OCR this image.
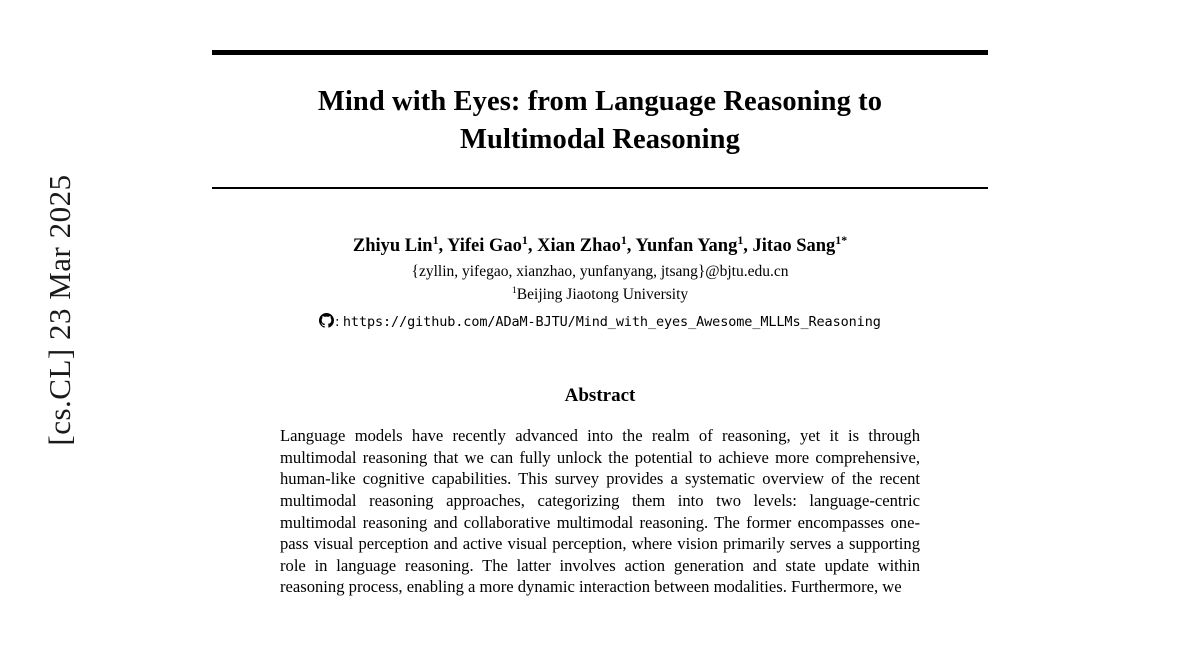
[cs.CL] 23 Mar 2025
Mind with Eyes: from Language Reasoning to
Multimodal Reasoning
Zhiyu Lin$^1$, Yifei Gao$^1$, Xian Zhao$^1$, Yunfan Yang$^1$, Jitao Sang$^{1*}$
{zyllin, yifegao, xianzhao, yunfanyang, jtsang}@bjtu.edu.cn
$^1$Beijing Jiaotong University
: https://github.com/ADaM-BJTU/Mind_with_eyes_Awesome_MLLMs_Reasoning
Abstract

Language models have recently advanced into the realm of reasoning, yet it is through multimodal reasoning that we can fully unlock the potential to achieve more comprehensive, human-like cognitive capabilities. This survey provides a systematic overview of the recent multimodal reasoning approaches, categorizing them into two levels: language-centric multimodal reasoning and collaborative multimodal reasoning. The former encompasses one-pass visual perception and active visual perception, where vision primarily serves a supporting role in language reasoning. The latter involves action generation and state update within reasoning process, enabling a more dynamic interaction between modalities. Furthermore, we
